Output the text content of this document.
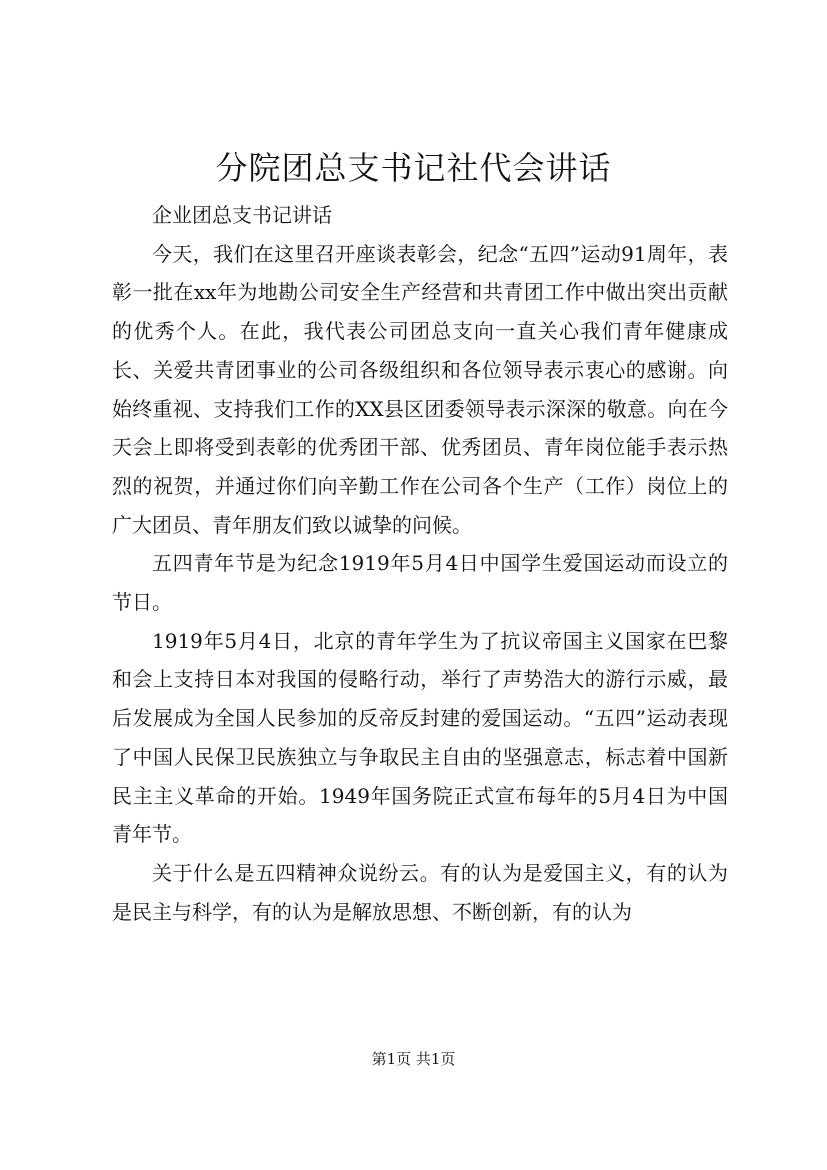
分院团总支书记社代会讲话

企业团总支书记讲话

今天，我们在这里召开座谈表彰会，纪念“五四”运动91周年，表彰一批在xx年为地勘公司安全生产经营和共青团工作中做出突出贡献的优秀个人。在此，我代表公司团总支向一直关心我们青年健康成长、关爱共青团事业的公司各级组织和各位领导表示衷心的感谢。向始终重视、支持我们工作的XX县区团委领导表示深深的敬意。向在今天会上即将受到表彰的优秀团干部、优秀团员、青年岗位能手表示热烈的祝贺，并通过你们向辛勤工作在公司各个生产（工作）岗位上的广大团员、青年朋友们致以诚挚的问候。

五四青年节是为纪念1919年5月4日中国学生爱国运动而设立的节日。

1919年5月4日，北京的青年学生为了抗议帝国主义国家在巴黎和会上支持日本对我国的侵略行动，举行了声势浩大的游行示威，最后发展成为全国人民参加的反帝反封建的爱国运动。“五四”运动表现了中国人民保卫民族独立与争取民主自由的坚强意志，标志着中国新民主主义革命的开始。1949年国务院正式宣布每年的5月4日为中国青年节。

关于什么是五四精神众说纷云。有的认为是爱国主义，有的认为是民主与科学，有的认为是解放思想、不断创新，有的认为

第1页 共1页
